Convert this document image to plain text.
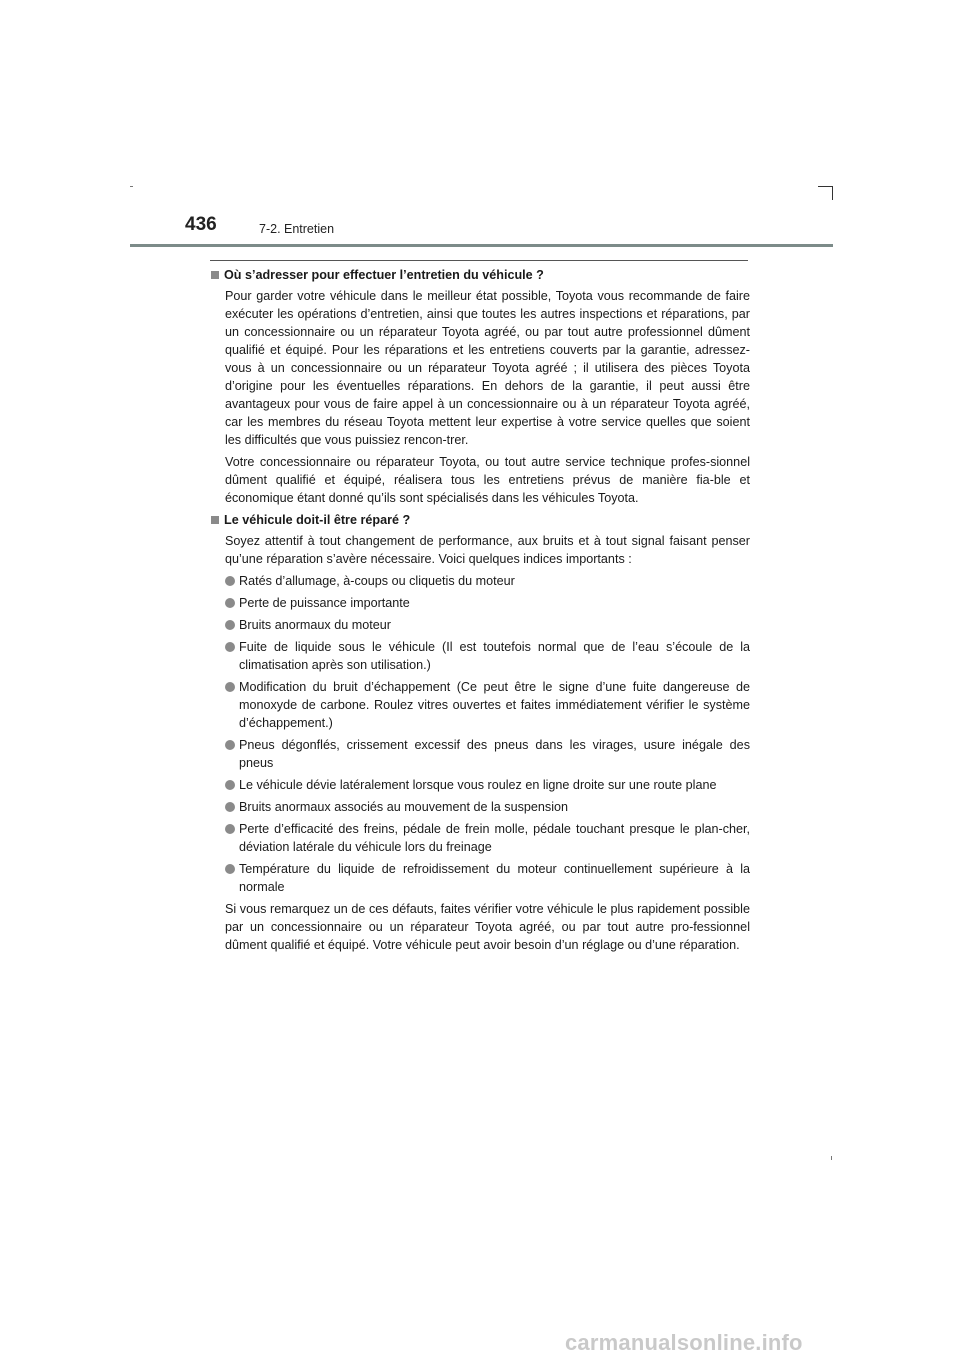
436	7-2. Entretien
Où s’adresser pour effectuer l’entretien du véhicule ?

Pour garder votre véhicule dans le meilleur état possible, Toyota vous recommande de faire exécuter les opérations d’entretien, ainsi que toutes les autres inspections et réparations, par un concessionnaire ou un réparateur Toyota agréé, ou par tout autre professionnel dûment qualifié et équipé. Pour les réparations et les entretiens couverts par la garantie, adressez-vous à un concessionnaire ou un réparateur Toyota agréé ; il utilisera des pièces Toyota d’origine pour les éventuelles réparations. En dehors de la garantie, il peut aussi être avantageux pour vous de faire appel à un concessionnaire ou à un réparateur Toyota agréé, car les membres du réseau Toyota mettent leur expertise à votre service quelles que soient les difficultés que vous puissiez rencon-trer.

Votre concessionnaire ou réparateur Toyota, ou tout autre service technique profes-sionnel dûment qualifié et équipé, réalisera tous les entretiens prévus de manière fia-ble et économique étant donné qu’ils sont spécialisés dans les véhicules Toyota.

Le véhicule doit-il être réparé ?

Soyez attentif à tout changement de performance, aux bruits et à tout signal faisant penser qu’une réparation s’avère nécessaire. Voici quelques indices importants :

Ratés d’allumage, à-coups ou cliquetis du moteur
Perte de puissance importante
Bruits anormaux du moteur
Fuite de liquide sous le véhicule (Il est toutefois normal que de l’eau s’écoule de la climatisation après son utilisation.)
Modification du bruit d’échappement (Ce peut être le signe d’une fuite dangereuse de monoxyde de carbone. Roulez vitres ouvertes et faites immédiatement vérifier le système d’échappement.)
Pneus dégonflés, crissement excessif des pneus dans les virages, usure inégale des pneus
Le véhicule dévie latéralement lorsque vous roulez en ligne droite sur une route plane
Bruits anormaux associés au mouvement de la suspension
Perte d’efficacité des freins, pédale de frein molle, pédale touchant presque le plan-cher, déviation latérale du véhicule lors du freinage
Température du liquide de refroidissement du moteur continuellement supérieure à la normale

Si vous remarquez un de ces défauts, faites vérifier votre véhicule le plus rapidement possible par un concessionnaire ou un réparateur Toyota agréé, ou par tout autre pro-fessionnel dûment qualifié et équipé. Votre véhicule peut avoir besoin d’un réglage ou d’une réparation.

carmanualsonline.info
